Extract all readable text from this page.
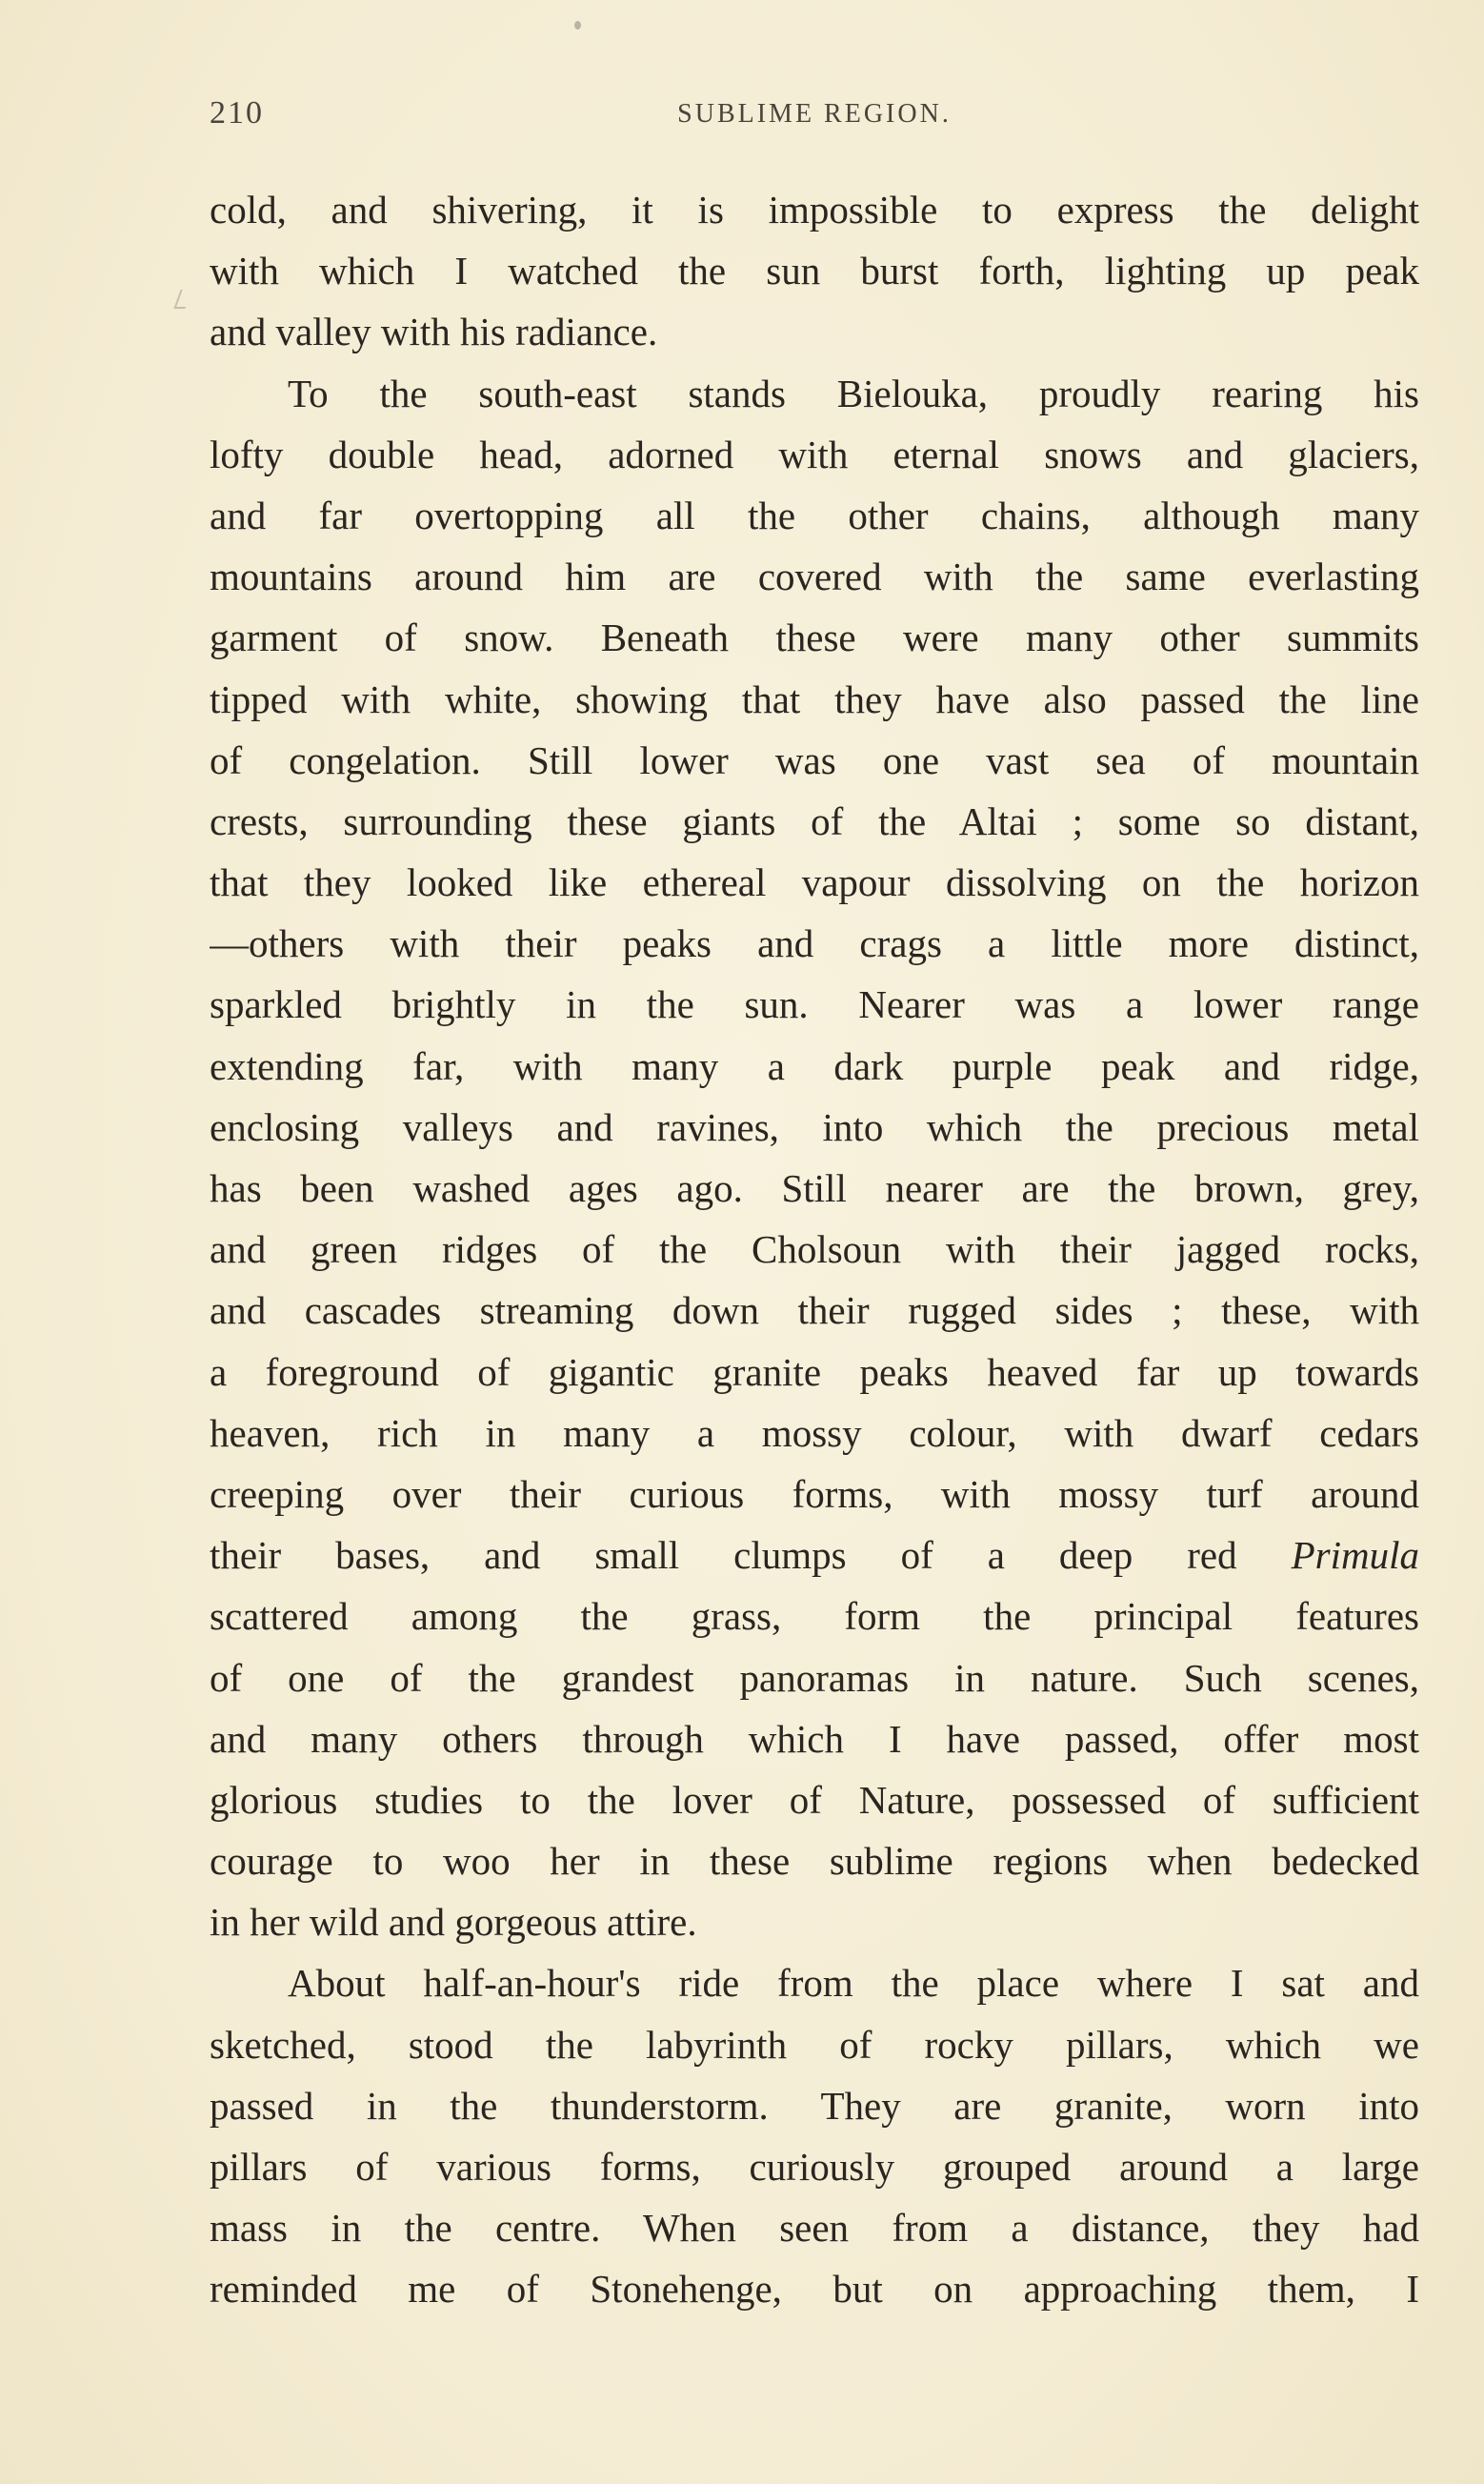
210	SUBLIME REGION.
cold, and shivering, it is impossible to express the delight
with which I watched the sun burst forth, lighting up peak
and valley with his radiance.
To the south-east stands Bielouka, proudly rearing his
lofty double head, adorned with eternal snows and glaciers,
and far overtopping all the other chains, although many
mountains around him are covered with the same everlasting
garment of snow. Beneath these were many other summits
tipped with white, showing that they have also passed the line
of congelation. Still lower was one vast sea of mountain
crests, surrounding these giants of the Altai ; some so distant,
that they looked like ethereal vapour dissolving on the horizon
—others with their peaks and crags a little more distinct,
sparkled brightly in the sun. Nearer was a lower range
extending far, with many a dark purple peak and ridge,
enclosing valleys and ravines, into which the precious metal
has been washed ages ago. Still nearer are the brown, grey,
and green ridges of the Cholsoun with their jagged rocks,
and cascades streaming down their rugged sides ; these, with
a foreground of gigantic granite peaks heaved far up towards
heaven, rich in many a mossy colour, with dwarf cedars
creeping over their curious forms, with mossy turf around
their bases, and small clumps of a deep red Primula
scattered among the grass, form the principal features
of one of the grandest panoramas in nature. Such scenes,
and many others through which I have passed, offer most
glorious studies to the lover of Nature, possessed of sufficient
courage to woo her in these sublime regions when bedecked
in her wild and gorgeous attire.
About half-an-hour's ride from the place where I sat and
sketched, stood the labyrinth of rocky pillars, which we
passed in the thunderstorm. They are granite, worn into
pillars of various forms, curiously grouped around a large
mass in the centre. When seen from a distance, they had
reminded me of Stonehenge, but on approaching them, I
